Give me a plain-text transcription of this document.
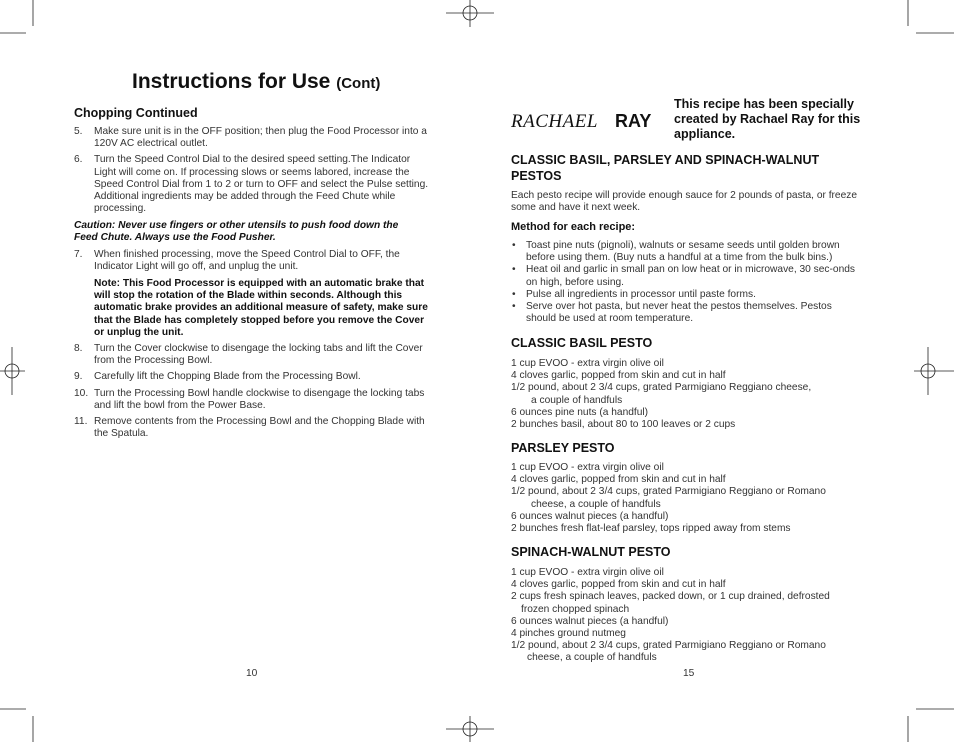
Instructions for Use (Cont)
Chopping Continued
5. Make sure unit is in the OFF position; then plug the Food Processor into a 120V AC electrical outlet.
6. Turn the Speed Control Dial to the desired speed setting.The Indicator Light will come on. If processing slows or seems labored, increase the Speed Control Dial from 1 to 2 or turn to OFF and select the Pulse setting. Additional ingredients may be added through the Feed Chute while processing.
Caution: Never use fingers or other utensils to push food down the Feed Chute. Always use the Food Pusher.
7. When finished processing, move the Speed Control Dial to OFF, the Indicator Light will go off, and unplug the unit.
Note: This Food Processor is equipped with an automatic brake that will stop the rotation of the Blade within seconds. Although this automatic brake provides an additional measure of safety, make sure that the Blade has completely stopped before you remove the Cover or unplug the unit.
8. Turn the Cover clockwise to disengage the locking tabs and lift the Cover from the Processing Bowl.
9. Carefully lift the Chopping Blade from the Processing Bowl.
10. Turn the Processing Bowl handle clockwise to disengage the locking tabs and lift the bowl from the Power Base.
11. Remove contents from the Processing Bowl and the Chopping Blade with the Spatula.
10
RACHAEL RAY
This recipe has been specially created by Rachael Ray for this appliance.
CLASSIC BASIL, PARSLEY AND SPINACH-WALNUT PESTOS
Each pesto recipe will provide enough sauce for 2 pounds of pasta, or freeze some and have it next week.
Method for each recipe:
• Toast pine nuts (pignoli), walnuts or sesame seeds until golden brown before using them. (Buy nuts a handful at a time from the bulk bins.)
• Heat oil and garlic in small pan on low heat or in microwave, 30 sec-onds on high, before using.
• Pulse all ingredients in processor until paste forms.
• Serve over hot pasta, but never heat the pestos themselves. Pestos should be used at room temperature.
CLASSIC BASIL PESTO
1 cup EVOO - extra virgin olive oil
4 cloves garlic, popped from skin and cut in half
1/2 pound, about 2 3/4 cups, grated Parmigiano Reggiano cheese,
a couple of handfuls
6 ounces pine nuts (a handful)
2 bunches basil, about 80 to 100 leaves or 2 cups
PARSLEY PESTO
1 cup EVOO - extra virgin olive oil
4 cloves garlic, popped from skin and cut in half
1/2 pound, about 2 3/4 cups, grated Parmigiano Reggiano or Romano
cheese, a couple of handfuls
6 ounces walnut pieces (a handful)
2 bunches fresh flat-leaf parsley, tops ripped away from stems
SPINACH-WALNUT PESTO
1 cup EVOO - extra virgin olive oil
4 cloves garlic, popped from skin and cut in half
2 cups fresh spinach leaves, packed down, or 1 cup drained, defrosted
frozen chopped spinach
6 ounces walnut pieces (a handful)
4 pinches ground nutmeg
1/2 pound, about 2 3/4 cups, grated Parmigiano Reggiano or Romano
cheese, a couple of handfuls
15
